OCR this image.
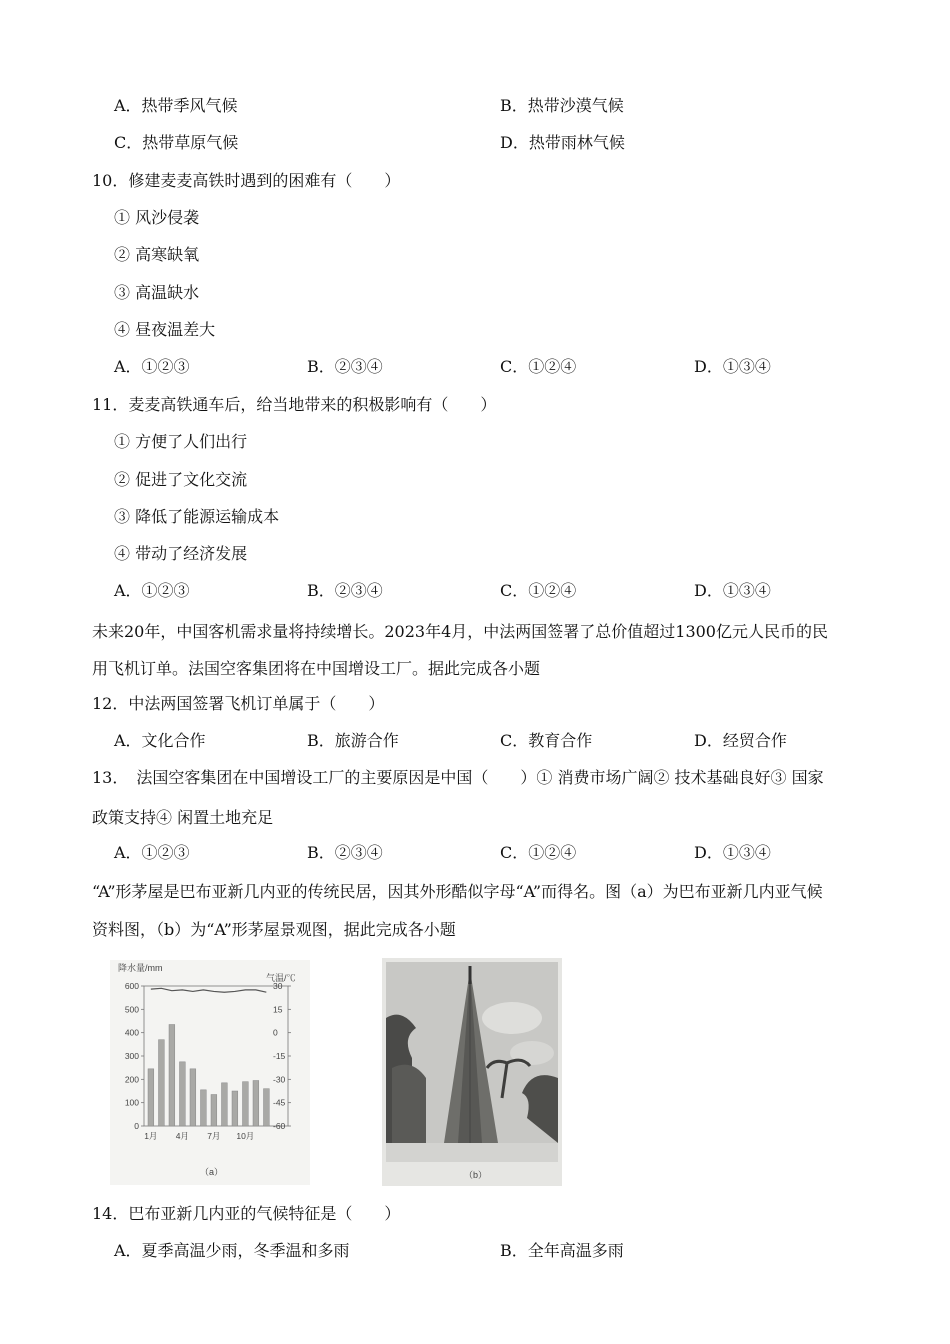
A．热带季风气候	B．热带沙漠气候
C．热带草原气候	D．热带雨林气候
10．修建麦麦高铁时遇到的困难有（　　）
① 风沙侵袭
② 高寒缺氧
③ 高温缺水
④ 昼夜温差大
A．①②③	B．②③④	C．①②④	D．①③④
11．麦麦高铁通车后，给当地带来的积极影响有（　　）
① 方便了人们出行
② 促进了文化交流
③ 降低了能源运输成本
④ 带动了经济发展
A．①②③	B．②③④	C．①②④	D．①③④
未来20年，中国客机需求量将持续增长。2023年4月，中法两国签署了总价值超过1300亿元人民币的民
用飞机订单。法国空客集团将在中国增设工厂。据此完成各小题
12．中法两国签署飞机订单属于（　　）
A．文化合作	B．旅游合作	C．教育合作	D．经贸合作
13．　法国空客集团在中国增设工厂的主要原因是中国（　　）① 消费市场广阔② 技术基础良好③ 国家
政策支持④ 闲置土地充足
A．①②③	B．②③④	C．①②④	D．①③④
“A”形茅屋是巴布亚新几内亚的传统民居，因其外形酷似字母“A”而得名。图（a）为巴布亚新几内亚气候
资料图，（b）为“A”形茅屋景观图，据此完成各小题
降水量/mm
气温/℃
600
500
400
300
200
100
0
30
15
0
-15
-30
-45
-60
1月 4月 7月 10月
（a）	（b）
14．巴布亚新几内亚的气候特征是（　　）
A．夏季高温少雨，冬季温和多雨	B．全年高温多雨
